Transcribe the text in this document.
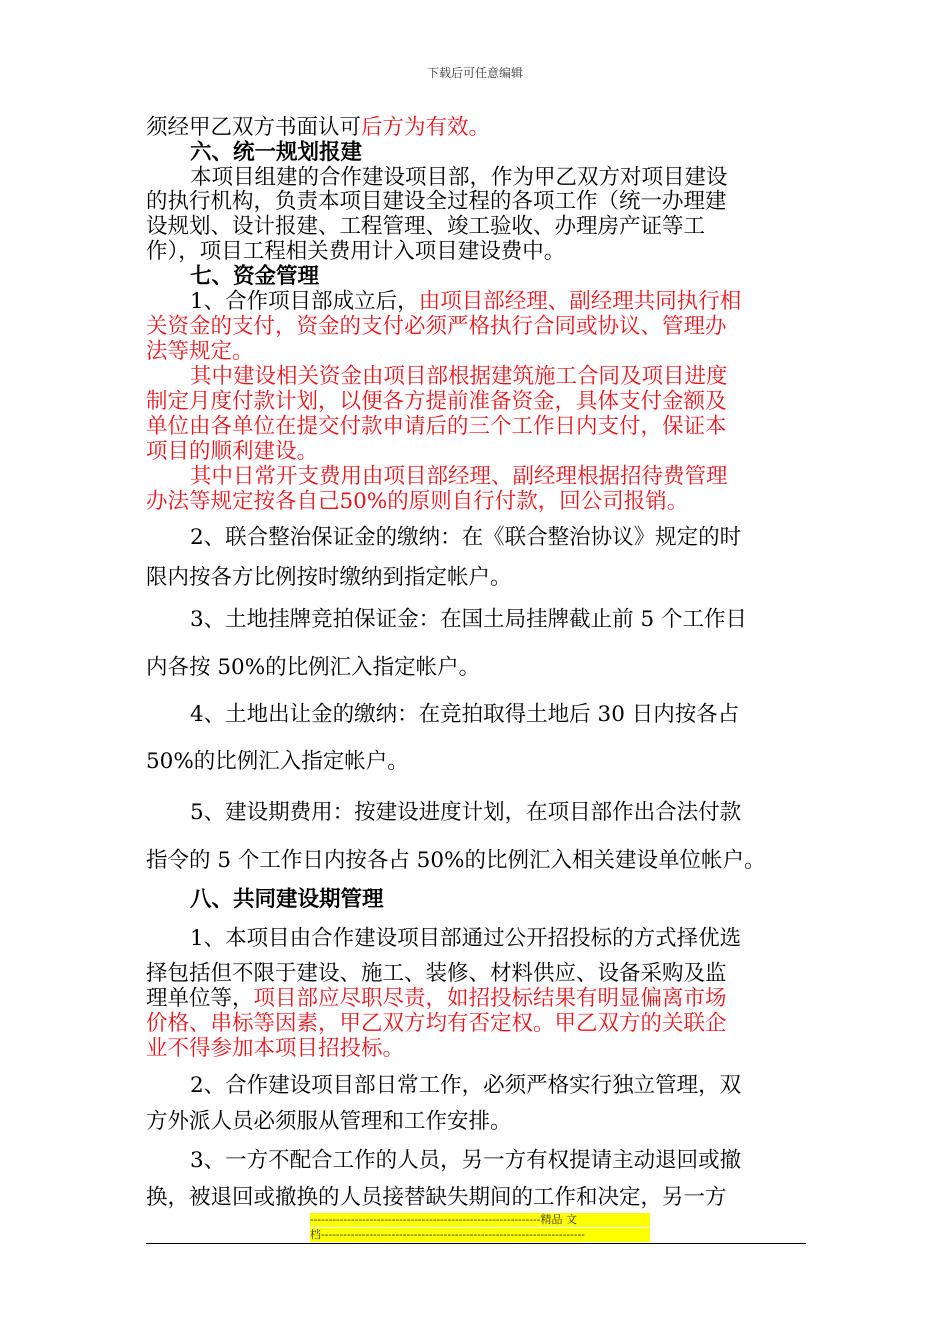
下载后可任意编辑
须经甲乙双方书面认可后方为有效。
六、统一规划报建
本项目组建的合作建设项目部，作为甲乙双方对项目建设
的执行机构，负责本项目建设全过程的各项工作（统一办理建
设规划、设计报建、工程管理、竣工验收、办理房产证等工
作），项目工程相关费用计入项目建设费中。
七、资金管理
1、合作项目部成立后，由项目部经理、副经理共同执行相
关资金的支付，资金的支付必须严格执行合同或协议、管理办
法等规定。
其中建设相关资金由项目部根据建筑施工合同及项目进度
制定月度付款计划，以便各方提前准备资金，具体支付金额及
单位由各单位在提交付款申请后的三个工作日内支付，保证本
项目的顺利建设。
其中日常开支费用由项目部经理、副经理根据招待费管理
办法等规定按各自己50%的原则自行付款，回公司报销。
2、联合整治保证金的缴纳：在《联合整治协议》规定的时
限内按各方比例按时缴纳到指定帐户。
3、土地挂牌竞拍保证金：在国土局挂牌截止前 5 个工作日
内各按 50%的比例汇入指定帐户。
4、土地出让金的缴纳：在竞拍取得土地后 30 日内按各占
50%的比例汇入指定帐户。
5、建设期费用：按建设进度计划，在项目部作出合法付款
指令的 5 个工作日内按各占 50%的比例汇入相关建设单位帐户。
八、共同建设期管理
1、本项目由合作建设项目部通过公开招投标的方式择优选
择包括但不限于建设、施工、装修、材料供应、设备采购及监
理单位等，项目部应尽职尽责，如招投标结果有明显偏离市场
价格、串标等因素，甲乙双方均有否定权。甲乙双方的关联企
业不得参加本项目招投标。
2、合作建设项目部日常工作，必须严格实行独立管理，双
方外派人员必须服从管理和工作安排。
3、一方不配合工作的人员，另一方有权提请主动退回或撤
换，被退回或撤换的人员接替缺失期间的工作和决定，另一方
--------------------------------------------------------------精品 文
档-----------------------------------------------------------------------
